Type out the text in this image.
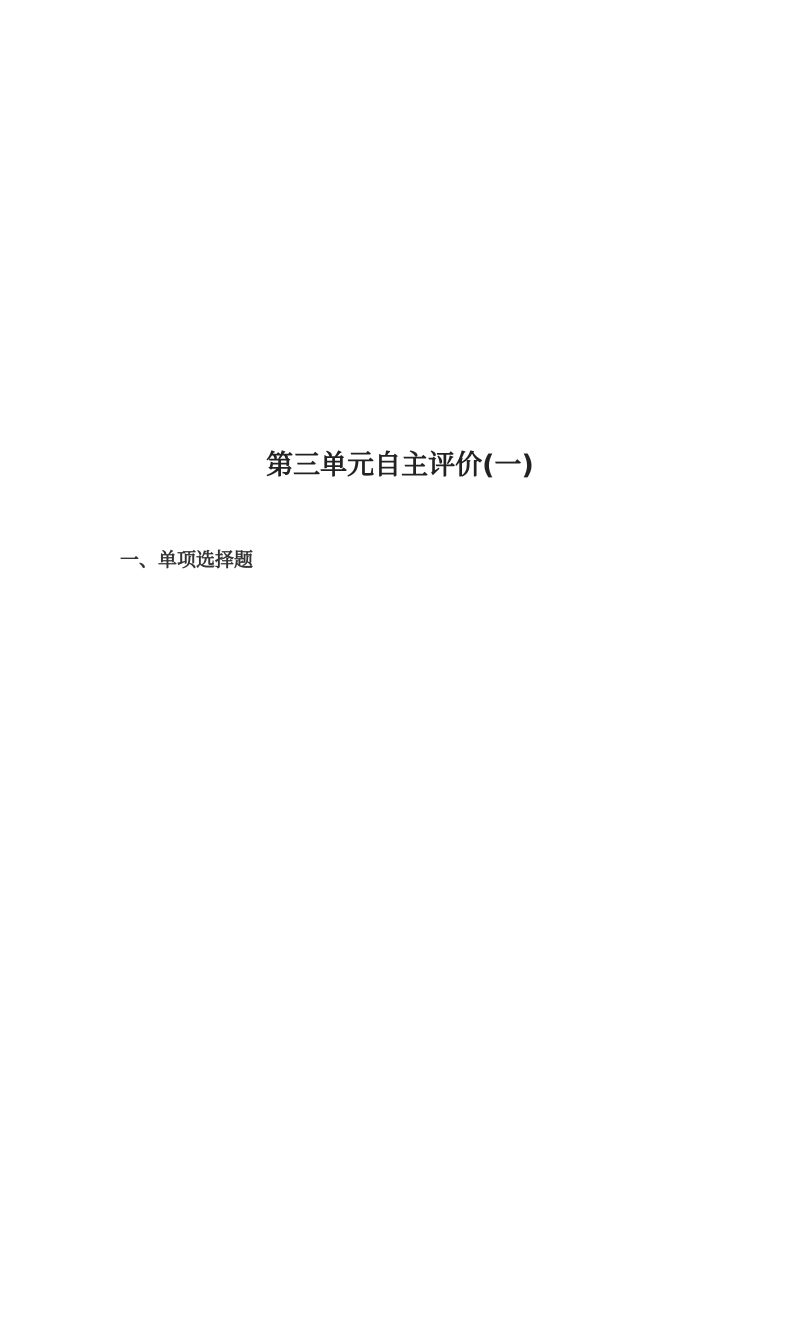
第三单元自主评价(一)
一、单项选择题
